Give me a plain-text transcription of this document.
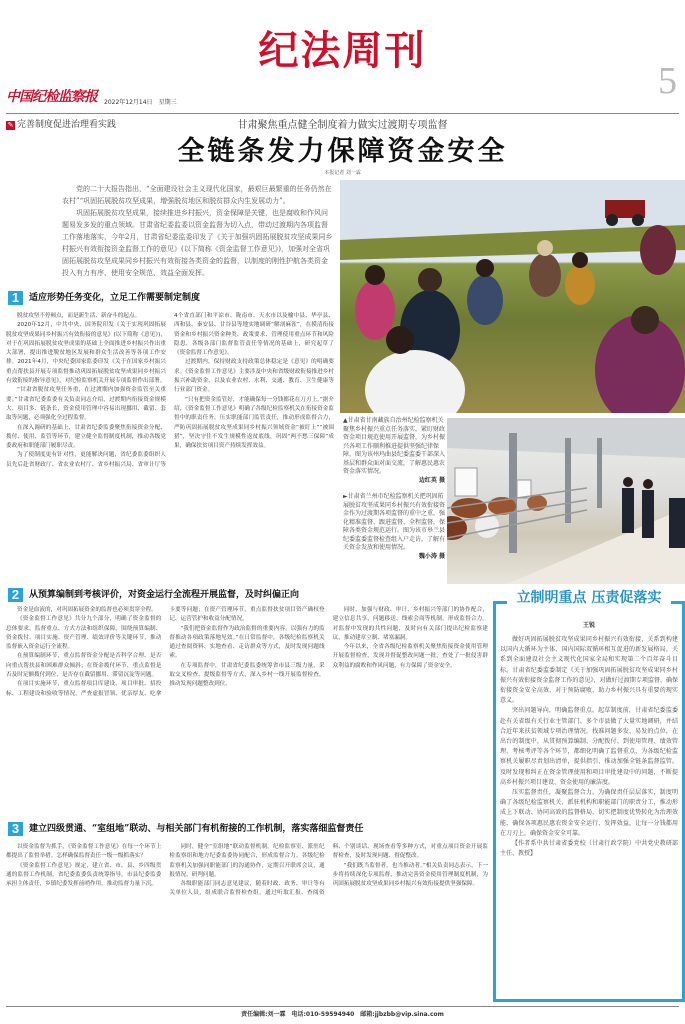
中国纪检监察报 2022年12月14日　 星期三
纪法周刊
5
✎ 完善制度促进治理看实践	甘肃聚焦重点健全制度着力做实过渡期专项监督
全链条发力保障资金安全
本报记者 刘一霖

党的二十大报告指出，“全面建设社会主义现代化国家，最艰巨最繁重的任务仍然在农村”“巩固拓展脱贫攻坚成果，增强脱贫地区和脱贫群众内生发展动力”。

巩固拓展脱贫攻坚成果，接续推进乡村振兴，资金保障是关键，也是腐败和作风问题易发多发的重点领域。甘肃省纪委监委以资金监督为切入点，带动过渡期内各项监督工作落地落实，今年2月，甘肃省纪委监委印发了《关于加强巩固拓展脱贫攻坚成果同乡村振兴有效衔接资金监督工作的意见》(以下简称《资金监督工作意见》)，加强对全省巩固拓展脱贫攻坚成果同乡村振兴有效衔接各类资金的监督，以制度的刚性护航各类资金投入有力有序、使用安全规范、效益全面发挥。

▲甘肃省甘南藏族自治州纪检监察机关聚焦乡村振兴重点任务落实，紧盯财政资金项目规范使用开展监督，为乡村振兴各项工作顺利推进提供坚强纪律保障。图为该州玛曲县纪委监委干部深入基层和群众面对面交流，了解惠民惠农资金落实情况。

边红英 摄
►甘肃省兰州市纪检监察机关把巩固拓展脱贫攻坚成果同乡村振兴有效衔接资金作为过渡期各项监督的重中之重，强化精准监督、跟进监督、全程监督，保障各类资金规范运行。图为该市皋兰县纪委监委监督检查组入户走访，了解有关资金发放和使用情况。

魏小涛 摄
1	适应形势任务变化，立足工作需要制定制度

脱贫攻坚不停顿点，而是新生活、新奋斗的起点。

2020年12月，中共中央、国务院印发《关于实现巩固拓展脱贫攻坚成果同乡村振兴有效衔接的意见》(以下简称《意见》)，对于在巩固拓展脱贫攻坚成果的基础上全面推进乡村振兴作出重大部署，提出推进脱贫地区发展和群众生活改善等各项工作安排。2021年4月，中央纪委国家监委印发《关于在国家乡村振兴重点帮扶县开展专项监督推动巩固拓展脱贫攻坚成果同乡村振兴有效衔接的指导意见》，对纪检监察机关开展专项监督作出部署。

“甘肃省脱贫攻坚任务重，在过渡期内加强资金监管至关重要。”甘肃省纪委监委有关负责同志介绍，过渡期内衔接资金规模大、项目多、链条长，资金使用管理中容易出现挪用、截留、套取等问题，必须强化全过程监督。

在深入调研的基础上，甘肃省纪委监委聚焦衔接资金分配、拨付、使用、监管等环节，建立健全监督制度机制，推动各级党委政府和职能部门履职尽责。

为了使制度更有针对性，更能解决问题，省纪委监委组织人员先后赴省财政厅、省农业农村厅、省乡村振兴局、省审计厅等4个省直部门和平凉市、陇南市、天水市以及榆中县、华亭县、西和县、秦安县、甘谷县等地实地调研“解剖麻雀”，在摸清衔接资金和乡村振兴资金种类、政策要求、管理使用重点环节和风险隐患，各级各部门监督监管责任等情况的基础上，研究起草了《资金监督工作意见》。

过渡期内，保持财政支持政策总体稳定是《意见》的明确要求。《资金监督工作意见》主要涉及中央和省级财政衔接推进乡村振兴补助资金，以及农业农村、水利、交通、教育、卫生健康等行业部门资金。

“只有把资金监管好，才能确保每一分钱都花在刀刃上。”据介绍，《资金监督工作意见》明确了各级纪检监察机关在衔接资金监督中的职责任务，压实职能部门监管责任，推动形成监督合力，严防巩固拓展脱贫攻坚成果同乡村振兴领域资金“被盯上”“被围猎”，坚决守住不发生规模性返贫底线，巩固“两不愁三保障”成果，确保扶贫项目资产持续发挥效益。

2	从预算编制到考核评价，对资金运行全流程开展监督，及时纠偏正向

资金是血液的，对巩固拓展资金的监督也必须贯穿全程。

《资金监督工作意见》共分九个部分，明确了资金监督的总体要求、监督重点、方式方法和组织保障。围绕预算编制、资金拨付、项目实施、资产管理、绩效评价等关键环节，推动监督嵌入资金运行全流程。

在预算编制环节，重点监督资金分配是否科学合理、是否向重点帮扶县和困难群众倾斜；在资金拨付环节，重点监督是否及时足额拨付到位，是否存在截留挪用、滞留沉淀等问题。

在项目实施环节，重点监督项目库建设、项目审批、招投标、工程建设和验收等情况，严查虚报冒领、优亲厚友、吃拿卡要等问题；在资产管理环节，重点监督扶贫项目资产确权登记、运营管护和收益分配情况。

“我们把资金监督作为政治监督的重要内容，以强有力的监督推动各项政策落地见效。”在日常监督中，各级纪检监察机关通过查阅资料、实地查看、走访群众等方式，及时发现问题线索。

在专项监督中，甘肃省纪委监委统筹省市县三级力量，采取交叉检查、提级监督等方式，深入乡村一线开展监督检查，推动发现问题整改到位。

同时，加强与财政、审计、乡村振兴等部门的协作配合，建立信息共享、问题移送、线索会商等机制，形成监督合力。对监督中发现的共性问题，及时向有关部门提出纪检监察建议，推动建章立制、堵塞漏洞。

今年以来，全省各级纪检监察机关聚焦衔接资金使用管理开展监督检查，发现并督促整改问题一批，查处了一批侵害群众利益的腐败和作风问题，有力保障了资金安全。

3	建立四级贯通、“室组地”联动、与相关部门有机衔接的工作机制，落实落细监督责任

以资金监督为抓手，《资金监督工作意见》在每一个环节上都提出了监督举措。怎样确保监督责任一级一级抓落实？

《资金监督工作意见》规定，建立省、市、县、乡四级贯通的监督工作机制，省纪委监委负责统筹指导，市县纪委监委承担主体责任，乡镇纪委发挥前哨作用，推动监督力量下沉。

同时，健全“室组地”联动监督机制，纪检监察室、派驻纪检监察组和地方纪委监委协同配合，形成监督合力。各级纪检监察机关加强同职能部门的沟通协作，定期召开联席会议，通报情况、研判问题。

各级职能部门同志意见建议，随着时政、政务、审计等有关单位人员，组成联合监督检查组，通过听取汇报、查阅资料、个别谈话、现场查看等多种方式，对重点项目资金开展监督检查，及时发现问题、督促整改。

“我们既当监督者，也当推动者。”相关负责同志表示，下一步将持续深化专项监督，推动完善资金使用管理制度机制，为巩固拓展脱贫攻坚成果同乡村振兴有效衔接提供坚强保障。

立制明重点 压责促落实
王锐

做好巩固拓展脱贫攻坚成果同乡村振兴有效衔接，关系到构建以国内大循环为主体、国内国际双循环相互促进的新发展格局，关系到全面建设社会主义现代化国家全局和实现第二个百年奋斗目标。甘肃省纪委监委制定《关于加强巩固拓展脱贫攻坚成果同乡村振兴有效衔接资金监督工作的意见》，对做好过渡期专项监督、确保衔接资金安全高效、对于预防腐败、助力乡村振兴具有重要的现实意义。

突出问题导向，明确监督重点。起草制度前，甘肃省纪委监委赴有关省级有关行业主管部门、多个市县做了大量实地调研，并结合近年来扶贫领域专项治理情况，找准问题多发、易发的点位，在出台的制度中，从贯彻预算编制、分配拨付、到使用管理、绩效管理、考核考评等各个环节，都细化明确了监督重点，为各级纪检监察机关履职尽责划出清单，提供指引，推动加强全链条监督监管。及时发现和纠正在资金管理使用和项目审批建设中的问题，不断提高乡村振兴项目建设、资金使用的廉洁度。

压实监督责任，凝聚监督合力。为确保责任层层落实，制度明确了各级纪检监察机关、派驻机构和职能部门的职责分工，推动形成上下联动、协同高效的监督格局，切实把制度优势转化为治理效能，确保各项惠民惠农资金安全运行、发挥效益，让每一分钱都用在刀刃上，确保资金安全可靠。

【作者系中共甘肃省委党校（甘肃行政学院）中共党史教研部主任、教授】

责任编辑:刘一霖　电话:010-59594940　邮箱:jjbzbb@vip.sina.com
